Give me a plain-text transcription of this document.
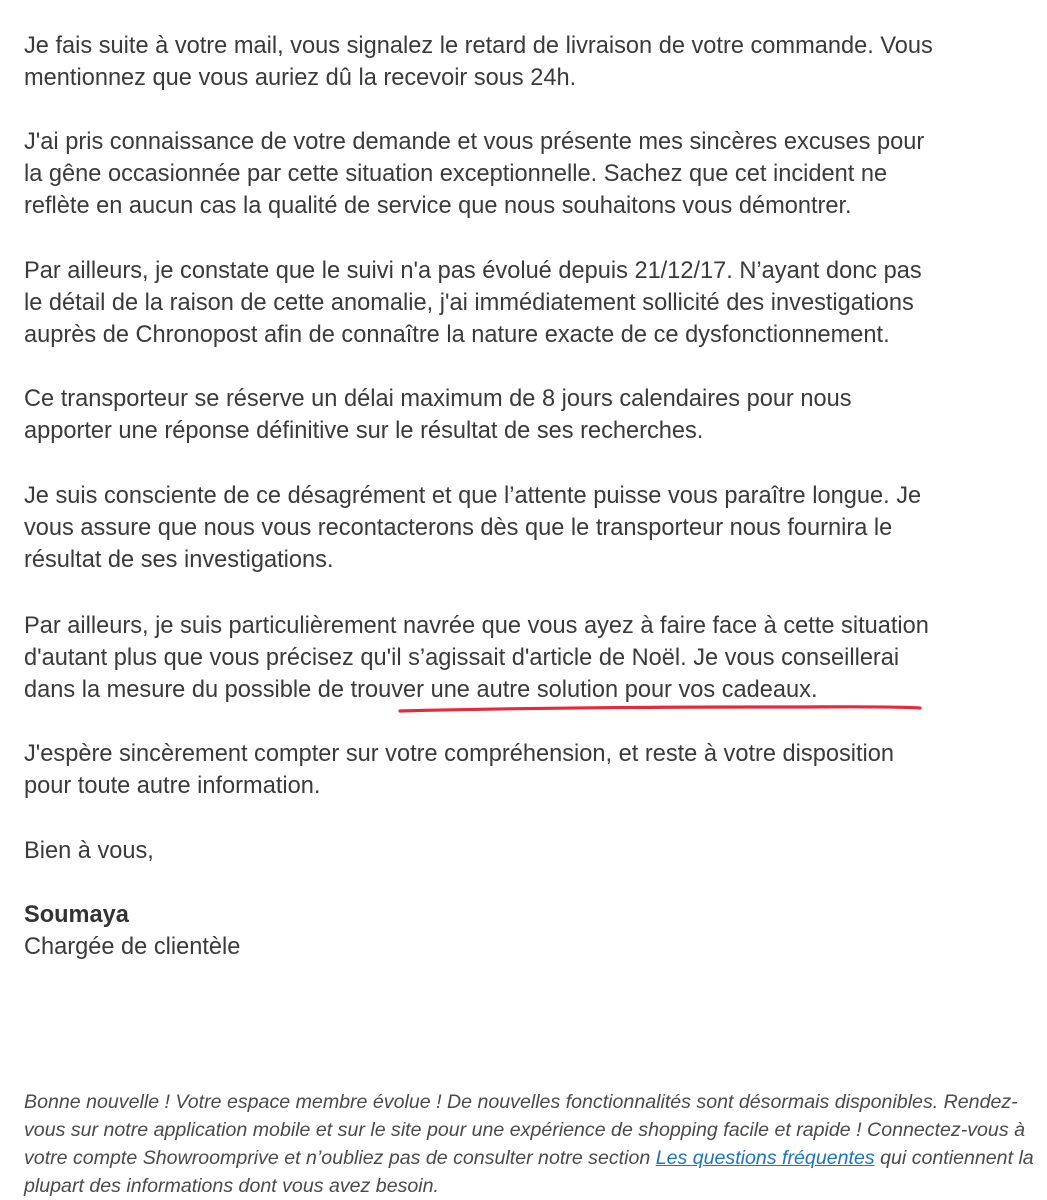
Je fais suite à votre mail, vous signalez le retard de livraison de votre commande. Vous
mentionnez que vous auriez dû la recevoir sous 24h.

J'ai pris connaissance de votre demande et vous présente mes sincères excuses pour
la gêne occasionnée par cette situation exceptionnelle. Sachez que cet incident ne
reflète en aucun cas la qualité de service que nous souhaitons vous démontrer.

Par ailleurs, je constate que le suivi n'a pas évolué depuis 21/12/17. N’ayant donc pas
le détail de la raison de cette anomalie, j'ai immédiatement sollicité des investigations
auprès de Chronopost afin de connaître la nature exacte de ce dysfonctionnement.

Ce transporteur se réserve un délai maximum de 8 jours calendaires pour nous
apporter une réponse définitive sur le résultat de ses recherches.

Je suis consciente de ce désagrément et que l’attente puisse vous paraître longue. Je
vous assure que nous vous recontacterons dès que le transporteur nous fournira le
résultat de ses investigations.

Par ailleurs, je suis particulièrement navrée que vous ayez à faire face à cette situation
d'autant plus que vous précisez qu'il s’agissait d'article de Noël. Je vous conseillerai
dans la mesure du possible de trouver une autre solution pour vos cadeaux.

J'espère sincèrement compter sur votre compréhension, et reste à votre disposition
pour toute autre information.

Bien à vous,
Soumaya
Chargée de clientèle
Bonne nouvelle ! Votre espace membre évolue ! De nouvelles fonctionnalités sont désormais disponibles. Rendez-vous sur notre application mobile et sur le site pour une expérience de shopping facile et rapide ! Connectez-vous à votre compte Showroomprive et n’oubliez pas de consulter notre section Les questions fréquentes qui contiennent la plupart des informations dont vous avez besoin.
